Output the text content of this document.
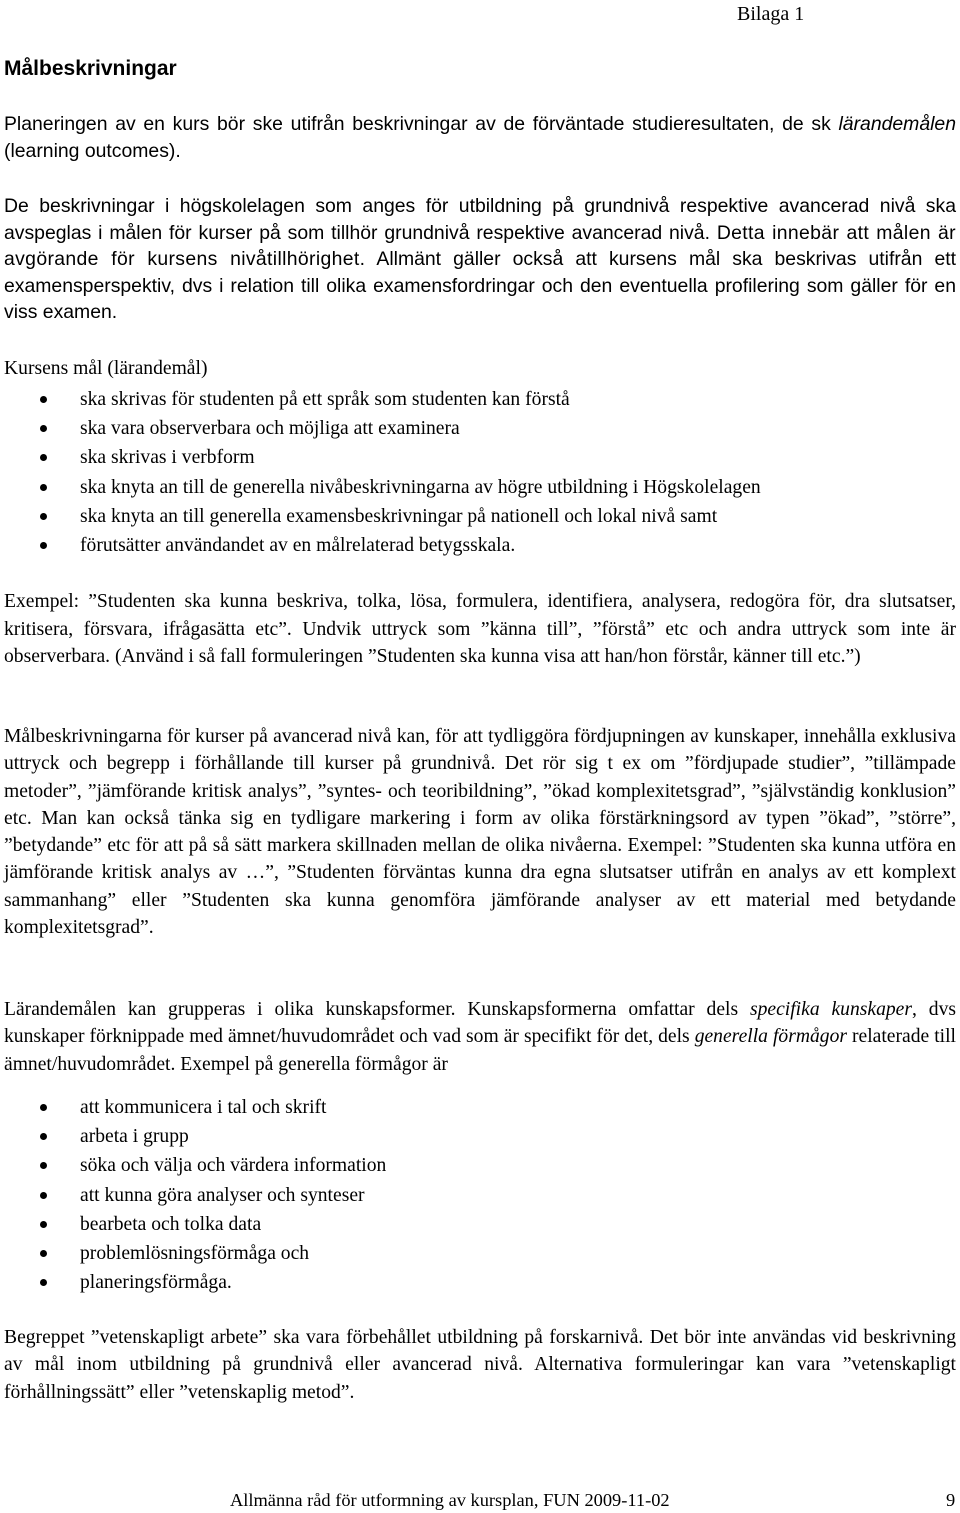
Bilaga 1
Målbeskrivningar

Planeringen av en kurs bör ske utifrån beskrivningar av de förväntade studieresultaten, de sk lärandemålen (learning outcomes).

De beskrivningar i högskolelagen som anges för utbildning på grundnivå respektive avancerad nivå ska avspeglas i målen för kurser på som tillhör grundnivå respektive avancerad nivå. Detta innebär att målen är avgörande för kursens nivåtillhörighet. Allmänt gäller också att kursens mål ska beskrivas utifrån ett examensperspektiv, dvs i relation till olika examensfordringar och den eventuella profilering som gäller för en viss examen.

Kursens mål (lärandemål)
ska skrivas för studenten på ett språk som studenten kan förstå
ska vara observerbara och möjliga att examinera
ska skrivas i verbform
ska knyta an till de generella nivåbeskrivningarna av högre utbildning i Högskolelagen
ska knyta an till generella examensbeskrivningar på nationell och lokal nivå samt
förutsätter användandet av en målrelaterad betygsskala.

Exempel: ”Studenten ska kunna beskriva, tolka, lösa, formulera, identifiera, analysera, redogöra för, dra slutsatser, kritisera, försvara, ifrågasätta etc”. Undvik uttryck som ”känna till”, ”förstå” etc och andra uttryck som inte är observerbara. (Använd i så fall formuleringen ”Studenten ska kunna visa att han/hon förstår, känner till etc.”)

Målbeskrivningarna för kurser på avancerad nivå kan, för att tydliggöra fördjupningen av kunskaper, innehålla exklusiva uttryck och begrepp i förhållande till kurser på grundnivå. Det rör sig t ex om ”fördjupade studier”, ”tillämpade metoder”, ”jämförande kritisk analys”, ”syntes- och teoribildning”, ”ökad komplexitetsgrad”, ”självständig konklusion” etc. Man kan också tänka sig en tydligare markering i form av olika förstärkningsord av typen ”ökad”, ”större”, ”betydande” etc för att på så sätt markera skillnaden mellan de olika nivåerna. Exempel: ”Studenten ska kunna utföra en jämförande kritisk analys av …”, ”Studenten förväntas kunna dra egna slutsatser utifrån en analys av ett komplext sammanhang” eller ”Studenten ska kunna genomföra jämförande analyser av ett material med betydande komplexitetsgrad”.

Lärandemålen kan grupperas i olika kunskapsformer. Kunskapsformerna omfattar dels specifika kunskaper, dvs kunskaper förknippade med ämnet/huvudområdet och vad som är specifikt för det, dels generella förmågor relaterade till ämnet/huvudområdet. Exempel på generella förmågor är

att kommunicera i tal och skrift
arbeta i grupp
söka och välja och värdera information
att kunna göra analyser och synteser
bearbeta och tolka data
problemlösningsförmåga och
planeringsförmåga.

Begreppet ”vetenskapligt arbete” ska vara förbehållet utbildning på forskarnivå. Det bör inte användas vid beskrivning av mål inom utbildning på grundnivå eller avancerad nivå. Alternativa formuleringar kan vara ”vetenskapligt förhållningssätt” eller ”vetenskaplig metod”.

Allmänna råd för utformning av kursplan, FUN 2009-11-02	9
